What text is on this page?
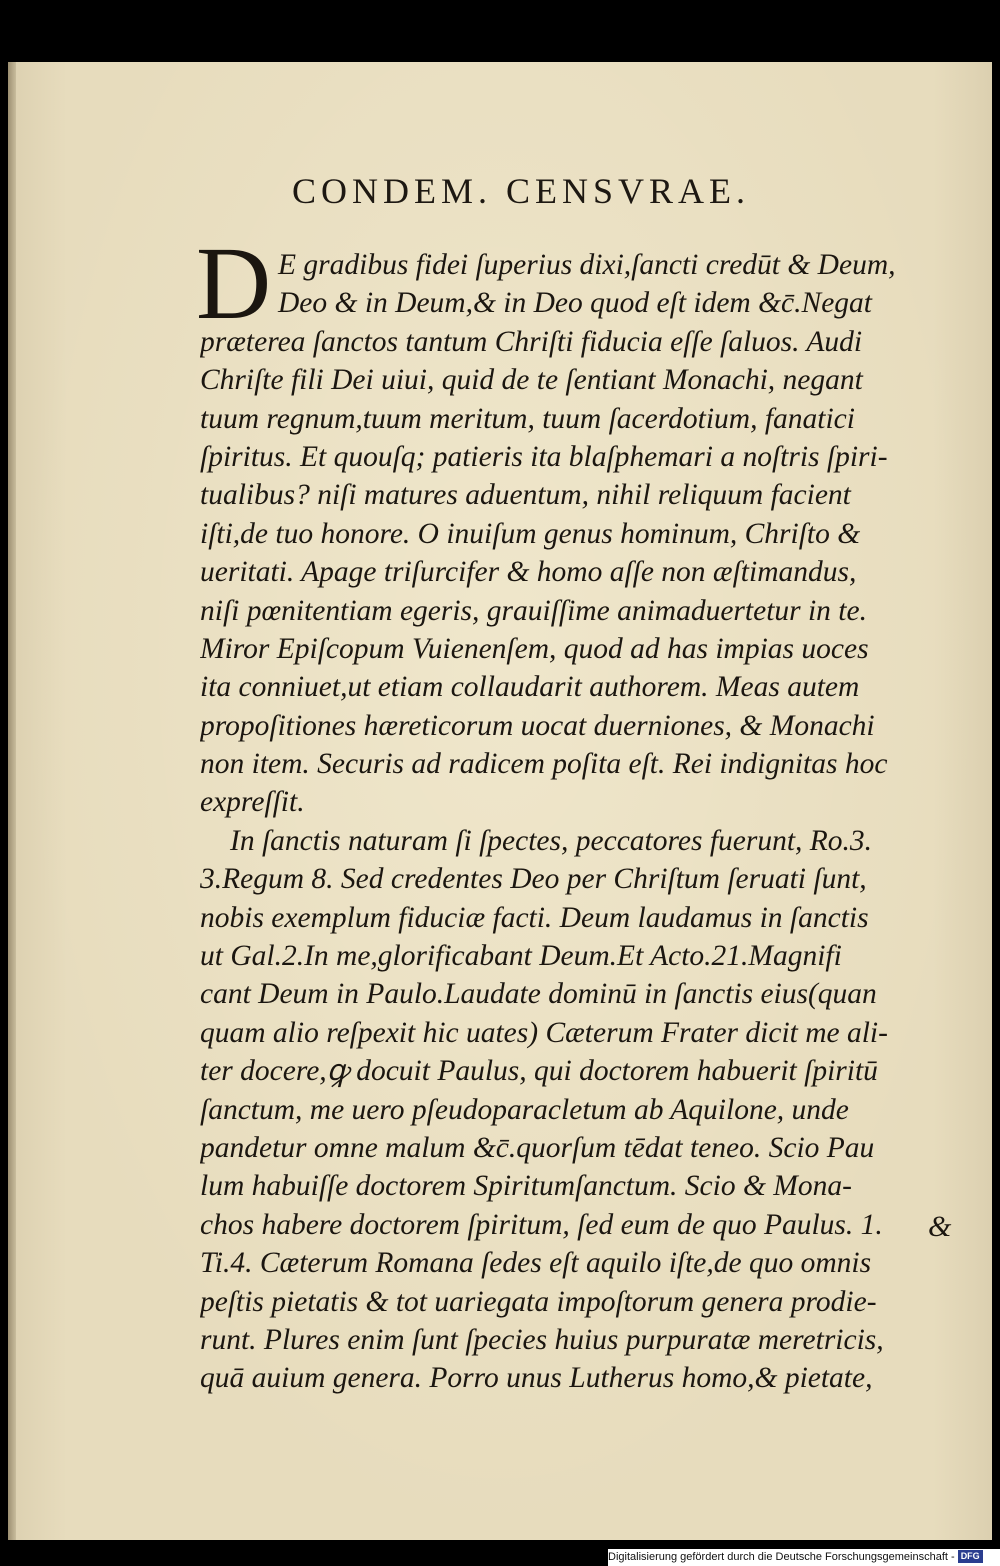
CONDEM. CENSVRAE.
D E gradibus fidei ſuperius dixi,ſancti credūt & Deum,
Deo & in Deum,& in Deo quod eſt idem &c̄.Negat
præterea ſanctos tantum Chriſti fiducia eſſe ſaluos. Audi
Chriſte fili Dei uiui, quid de te ſentiant Monachi, negant
tuum regnum,tuum meritum, tuum ſacerdotium, fanatici
ſpiritus. Et quouſq; patieris ita blaſphemari a noſtris ſpiri-
tualibus? niſi matures aduentum, nihil reliquum facient
iſti,de tuo honore. O inuiſum genus hominum, Chriſto &
ueritati. Apage triſurcifer & homo aſſe non æſtimandus,
niſi pœnitentiam egeris, grauiſſime animaduertetur in te.
Miror Epiſcopum Vuienenſem, quod ad has impias uoces
ita conniuet,ut etiam collaudarit authorem. Meas autem
propoſitiones hæreticorum uocat duerniones, & Monachi
non item. Securis ad radicem poſita eſt. Rei indignitas hoc
expreſſit.
In ſanctis naturam ſi ſpectes, peccatores fuerunt, Ro.3.
3.Regum 8. Sed credentes Deo per Chriſtum ſeruati ſunt,
nobis exemplum fiduciæ facti. Deum laudamus in ſanctis
ut Gal.2.In me,glorificabant Deum.Et Acto.21.Magnifi
cant Deum in Paulo.Laudate dominū in ſanctis eius(quan
quam alio reſpexit hic uates) Cæterum Frater dicit me ali-
ter docere,ꝙ docuit Paulus, qui doctorem habuerit ſpiritū
ſanctum, me uero pſeudoparacletum ab Aquilone, unde
pandetur omne malum &c̄.quorſum tēdat teneo. Scio Pau
lum habuiſſe doctorem Spiritumſanctum. Scio & Mona-
chos habere doctorem ſpiritum, ſed eum de quo Paulus. 1.
Ti.4. Cæterum Romana ſedes eſt aquilo iſte,de quo omnis
peſtis pietatis & tot uariegata impoſtorum genera prodie-
runt. Plures enim ſunt ſpecies huius purpuratæ meretricis,
quā auium genera. Porro unus Lutherus homo,& pietate,
&
Digitalisierung gefördert durch die Deutsche Forschungsgemeinschaft - DFG
